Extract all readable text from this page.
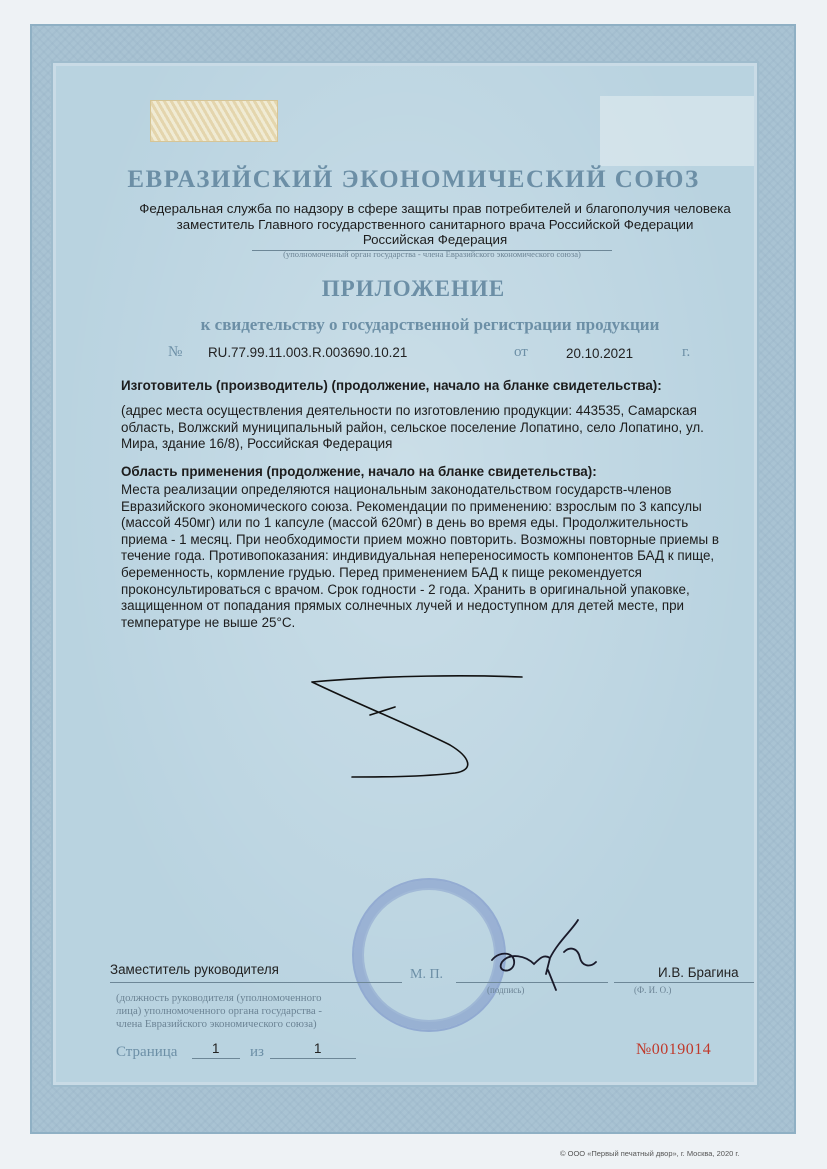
ЕВРАЗИЙСКИЙ ЭКОНОМИЧЕСКИЙ СОЮЗ
Федеральная служба по надзору в сфере защиты прав потребителей и благополучия человека
заместитель Главного государственного санитарного врача Российской Федерации
Российская Федерация
(уполномоченный орган государства - члена Евразийского экономического союза)
ПРИЛОЖЕНИЕ
к свидетельству о государственной регистрации продукции
№ RU.77.99.11.003.R.003690.10.21	от	20.10.2021	г.
Изготовитель (производитель) (продолжение, начало на бланке свидетельства):
(адрес места осуществления деятельности по изготовлению продукции: 443535, Самарская
область, Волжский муниципальный район, сельское поселение Лопатино, село Лопатино, ул.
Мира, здание 16/8), Российская Федерация
Область применения (продолжение, начало на бланке свидетельства):
Места реализации определяются национальным законодательством государств-членов
Евразийского экономического союза. Рекомендации по применению: взрослым по 3 капсулы
(массой 450мг) или по 1 капсуле (массой 620мг) в день во время еды. Продолжительность
приема - 1 месяц. При необходимости прием можно повторить. Возможны повторные приемы в
течение года. Противопоказания: индивидуальная непереносимость компонентов БАД к пище,
беременность, кормление грудью. Перед применением БАД к пище рекомендуется
проконсультироваться с врачом. Срок годности - 2 года. Хранить в оригинальной упаковке,
защищенном от попадания прямых солнечных лучей и недоступном для детей месте, при
температуре не выше 25°С.
Заместитель руководителя	М. П.
(подпись)
И.В. Брагина
(Ф. И. О.)
(должность руководителя (уполномоченного
лица) уполномоченного органа государства -
члена Евразийского экономического союза)
Страница	1 из	1	№0019014
© ООО «Первый печатный двор», г. Москва, 2020 г.
